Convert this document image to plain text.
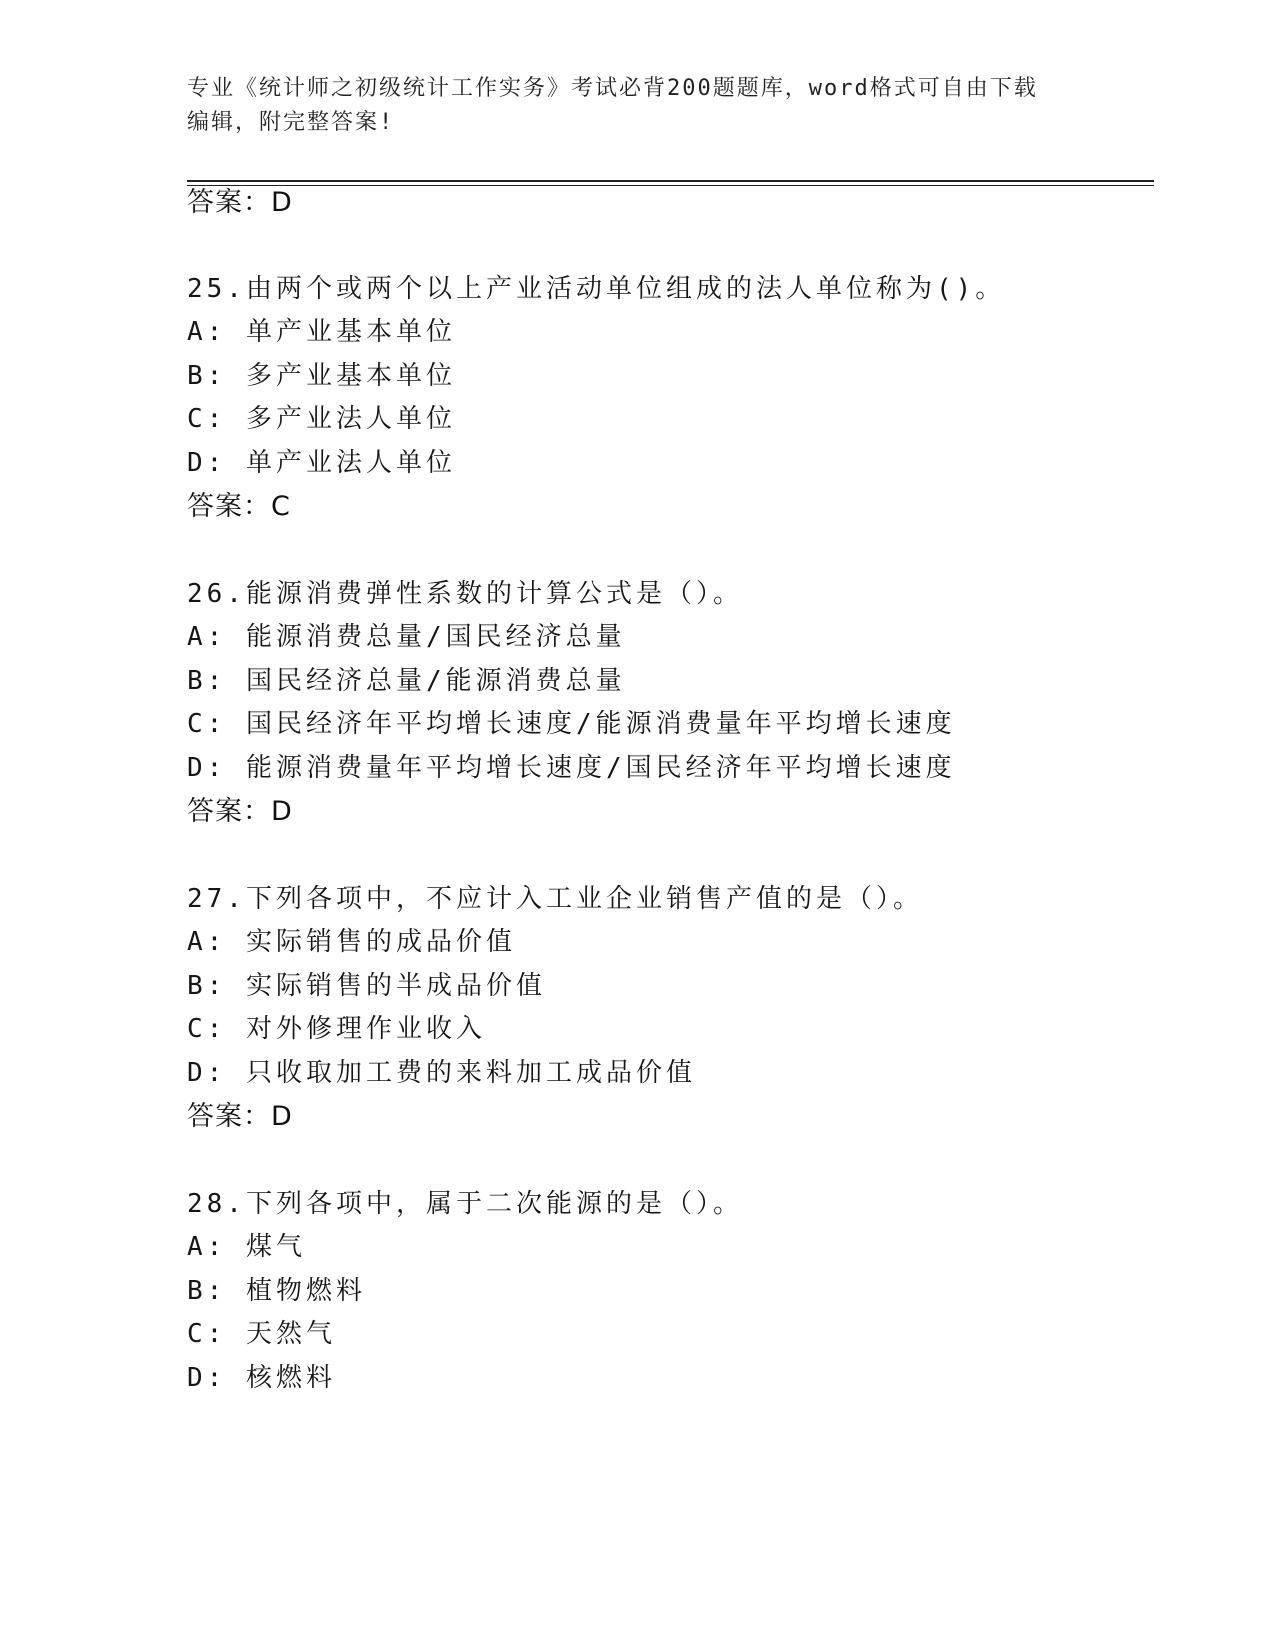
专业《统计师之初级统计工作实务》考试必背200题题库，word格式可自由下载
编辑，附完整答案!
答案：D
25.由两个或两个以上产业活动单位组成的法人单位称为()。
A: 单产业基本单位
B: 多产业基本单位
C: 多产业法人单位
D: 单产业法人单位
答案：C
26.能源消费弹性系数的计算公式是（）。
A: 能源消费总量/国民经济总量
B: 国民经济总量/能源消费总量
C: 国民经济年平均增长速度/能源消费量年平均增长速度
D: 能源消费量年平均增长速度/国民经济年平均增长速度
答案：D
27.下列各项中，不应计入工业企业销售产值的是（）。
A: 实际销售的成品价值
B: 实际销售的半成品价值
C: 对外修理作业收入
D: 只收取加工费的来料加工成品价值
答案：D
28.下列各项中，属于二次能源的是（）。
A: 煤气
B: 植物燃料
C: 天然气
D: 核燃料
